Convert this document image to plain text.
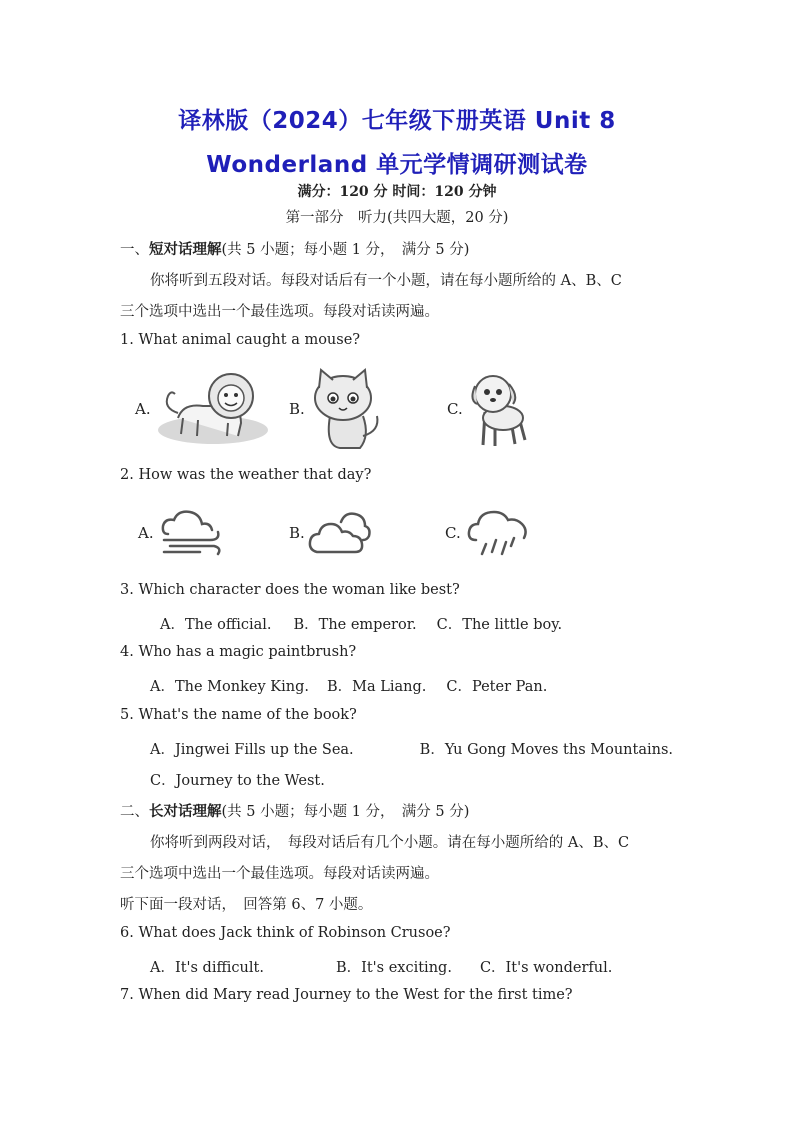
译林版（2024）七年级下册英语 Unit 8
Wonderland 单元学情调研测试卷
满分：120 分 时间：120 分钟
第一部分　听力(共四大题，20 分)
一、短对话理解(共 5 小题；每小题 1 分，　满分 5 分)
你将听到五段对话。每段对话后有一个小题，请在每小题所给的 A、B、C
三个选项中选出一个最佳选项。每段对话读两遍。
1. What animal caught a mouse?
A.	B.	C.
2. How was the weather that day?
A.	B.	C.
3. Which character does the woman like best?
A．The official. B．The emperor. C．The little boy.
4. Who has a magic paintbrush?
A．The Monkey King. B．Ma Liang. C．Peter Pan.
5. What's the name of the book?
A．Jingwei Fills up the Sea.	B．Yu Gong Moves ths Mountains.
C．Journey to the West.
二、长对话理解(共 5 小题；每小题 1 分，　满分 5 分)
你将听到两段对话，　每段对话后有几个小题。请在每小题所给的 A、B、C
三个选项中选出一个最佳选项。每段对话读两遍。
听下面一段对话，　回答第 6、7 小题。
6. What does Jack think of Robinson Crusoe?
A．It's difficult.	B．It's exciting. C．It's wonderful.
7. When did Mary read Journey to the West for the first time?
